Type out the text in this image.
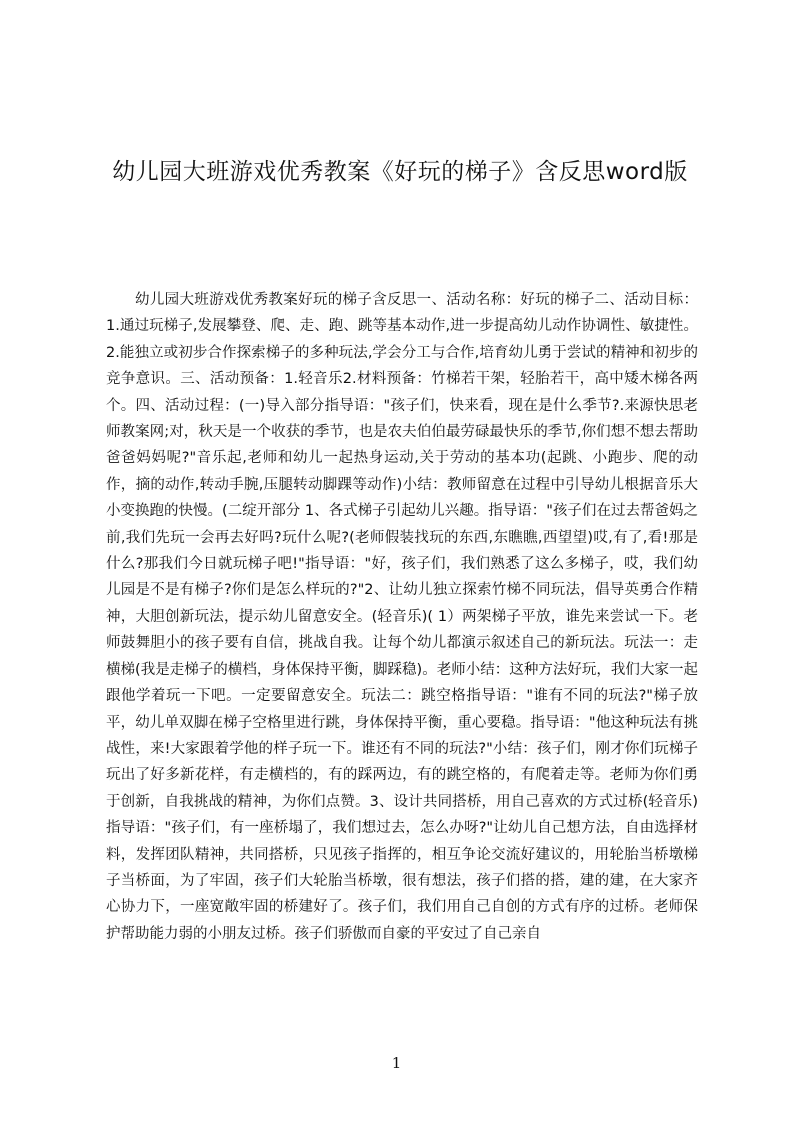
幼儿园大班游戏优秀教案《好玩的梯子》含反思word版
幼儿园大班游戏优秀教案好玩的梯子含反思一、活动名称：好玩的梯子二、活动目标：1.通过玩梯子,发展攀登、爬、走、跑、跳等基本动作,进一步提高幼儿动作协调性、敏捷性。2.能独立或初步合作探索梯子的多种玩法,学会分工与合作,培育幼儿勇于尝试的精神和初步的竞争意识。三、活动预备：1.轻音乐2.材料预备：竹梯若干架，轻胎若干，高中矮木梯各两个。四、活动过程：(一)导入部分指导语："孩子们，快来看，现在是什么季节?.来源快思老师教案网;对，秋天是一个收获的季节，也是农夫伯伯最劳碌最快乐的季节,你们想不想去帮助爸爸妈妈呢?"音乐起,老师和幼儿一起热身运动,关于劳动的基本功(起跳、小跑步、爬的动作，摘的动作,转动手腕,压腿转动脚踝等动作)小结：教师留意在过程中引导幼儿根据音乐大小变换跑的快慢。(二绽开部分 1、各式梯子引起幼儿兴趣。指导语："孩子们在过去帮爸妈之前,我们先玩一会再去好吗?玩什么呢?(老师假装找玩的东西,东瞧瞧,西望望)哎,有了,看!那是什么?那我们今日就玩梯子吧!"指导语："好，孩子们，我们熟悉了这么多梯子，哎，我们幼儿园是不是有梯子?你们是怎么样玩的?"2、让幼儿独立探索竹梯不同玩法，倡导英勇合作精神，大胆创新玩法，提示幼儿留意安全。(轻音乐)( 1）两架梯子平放，谁先来尝试一下。老师鼓舞胆小的孩子要有自信，挑战自我。让每个幼儿都演示叙述自己的新玩法。玩法一：走横梯(我是走梯子的横档，身体保持平衡，脚踩稳)。老师小结：这种方法好玩，我们大家一起跟他学着玩一下吧。一定要留意安全。玩法二：跳空格指导语："谁有不同的玩法?"梯子放平，幼儿单双脚在梯子空格里进行跳，身体保持平衡，重心要稳。指导语："他这种玩法有挑战性，来!大家跟着学他的样子玩一下。谁还有不同的玩法?"小结：孩子们，刚才你们玩梯子玩出了好多新花样，有走横档的，有的踩两边，有的跳空格的，有爬着走等。老师为你们勇于创新，自我挑战的精神，为你们点赞。3、设计共同搭桥，用自己喜欢的方式过桥(轻音乐)指导语："孩子们，有一座桥塌了，我们想过去，怎么办呀?"让幼儿自己想方法，自由选择材料，发挥团队精神，共同搭桥，只见孩子指挥的，相互争论交流好建议的，用轮胎当桥墩梯子当桥面，为了牢固，孩子们大轮胎当桥墩，很有想法，孩子们搭的搭，建的建，在大家齐心协力下，一座宽敞牢固的桥建好了。孩子们，我们用自己自创的方式有序的过桥。老师保护帮助能力弱的小朋友过桥。孩子们骄傲而自豪的平安过了自己亲自
1
